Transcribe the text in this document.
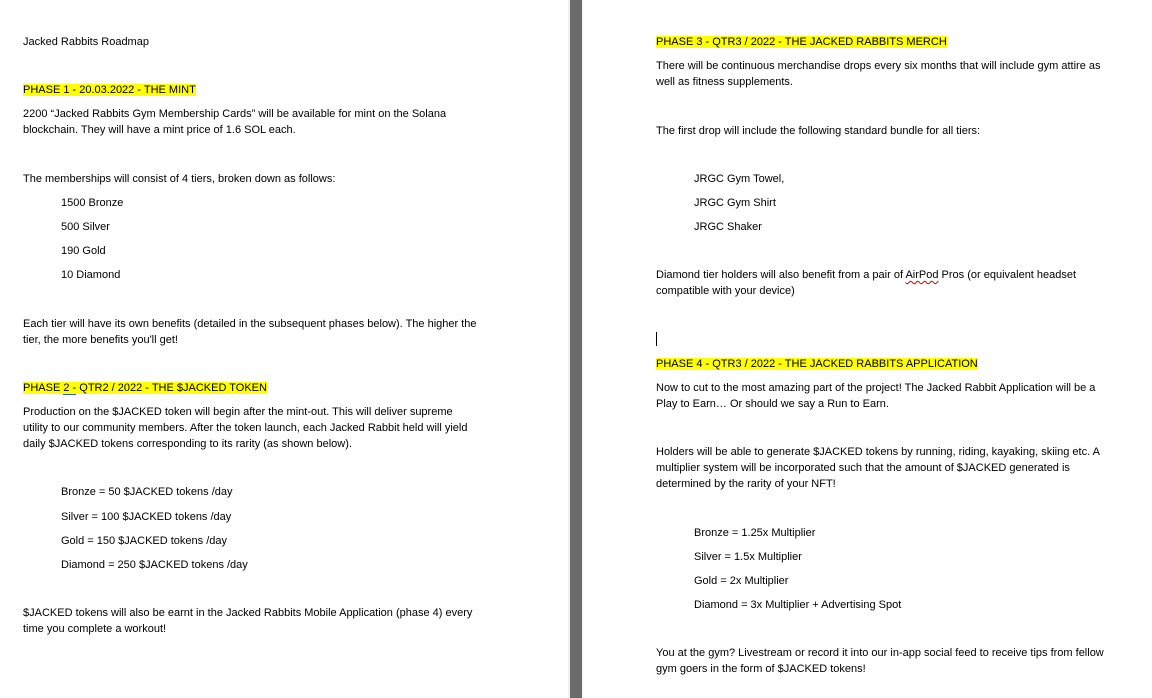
Jacked Rabbits Roadmap
PHASE 1 - 20.03.2022 - THE MINT
2200 “Jacked Rabbits Gym Membership Cards” will be available for mint on the Solana
blockchain. They will have a mint price of 1.6 SOL each.
The memberships will consist of 4 tiers, broken down as follows:
1500 Bronze
500 Silver
190 Gold
10 Diamond
Each tier will have its own benefits (detailed in the subsequent phases below). The higher the
tier, the more benefits you'll get!
PHASE 2 - QTR2 / 2022 - THE $JACKED TOKEN
Production on the $JACKED token will begin after the mint-out. This will deliver supreme
utility to our community members. After the token launch, each Jacked Rabbit held will yield
daily $JACKED tokens corresponding to its rarity (as shown below).
Bronze = 50 $JACKED tokens /day
Silver = 100 $JACKED tokens /day
Gold = 150 $JACKED tokens /day
Diamond = 250 $JACKED tokens /day
$JACKED tokens will also be earnt in the Jacked Rabbits Mobile Application (phase 4) every
time you complete a workout!
PHASE 3 - QTR3 / 2022 - THE JACKED RABBITS MERCH
There will be continuous merchandise drops every six months that will include gym attire as
well as fitness supplements.
The first drop will include the following standard bundle for all tiers:
JRGC Gym Towel,
JRGC Gym Shirt
JRGC Shaker
Diamond tier holders will also benefit from a pair of AirPod Pros (or equivalent headset
compatible with your device)
PHASE 4 - QTR3 / 2022 - THE JACKED RABBITS APPLICATION
Now to cut to the most amazing part of the project! The Jacked Rabbit Application will be a
Play to Earn… Or should we say a Run to Earn.
Holders will be able to generate $JACKED tokens by running, riding, kayaking, skiing etc. A
multiplier system will be incorporated such that the amount of $JACKED generated is
determined by the rarity of your NFT!
Bronze = 1.25x Multiplier
Silver = 1.5x Multiplier
Gold = 2x Multiplier
Diamond = 3x Multiplier + Advertising Spot
You at the gym? Livestream or record it into our in-app social feed to receive tips from fellow
gym goers in the form of $JACKED tokens!
